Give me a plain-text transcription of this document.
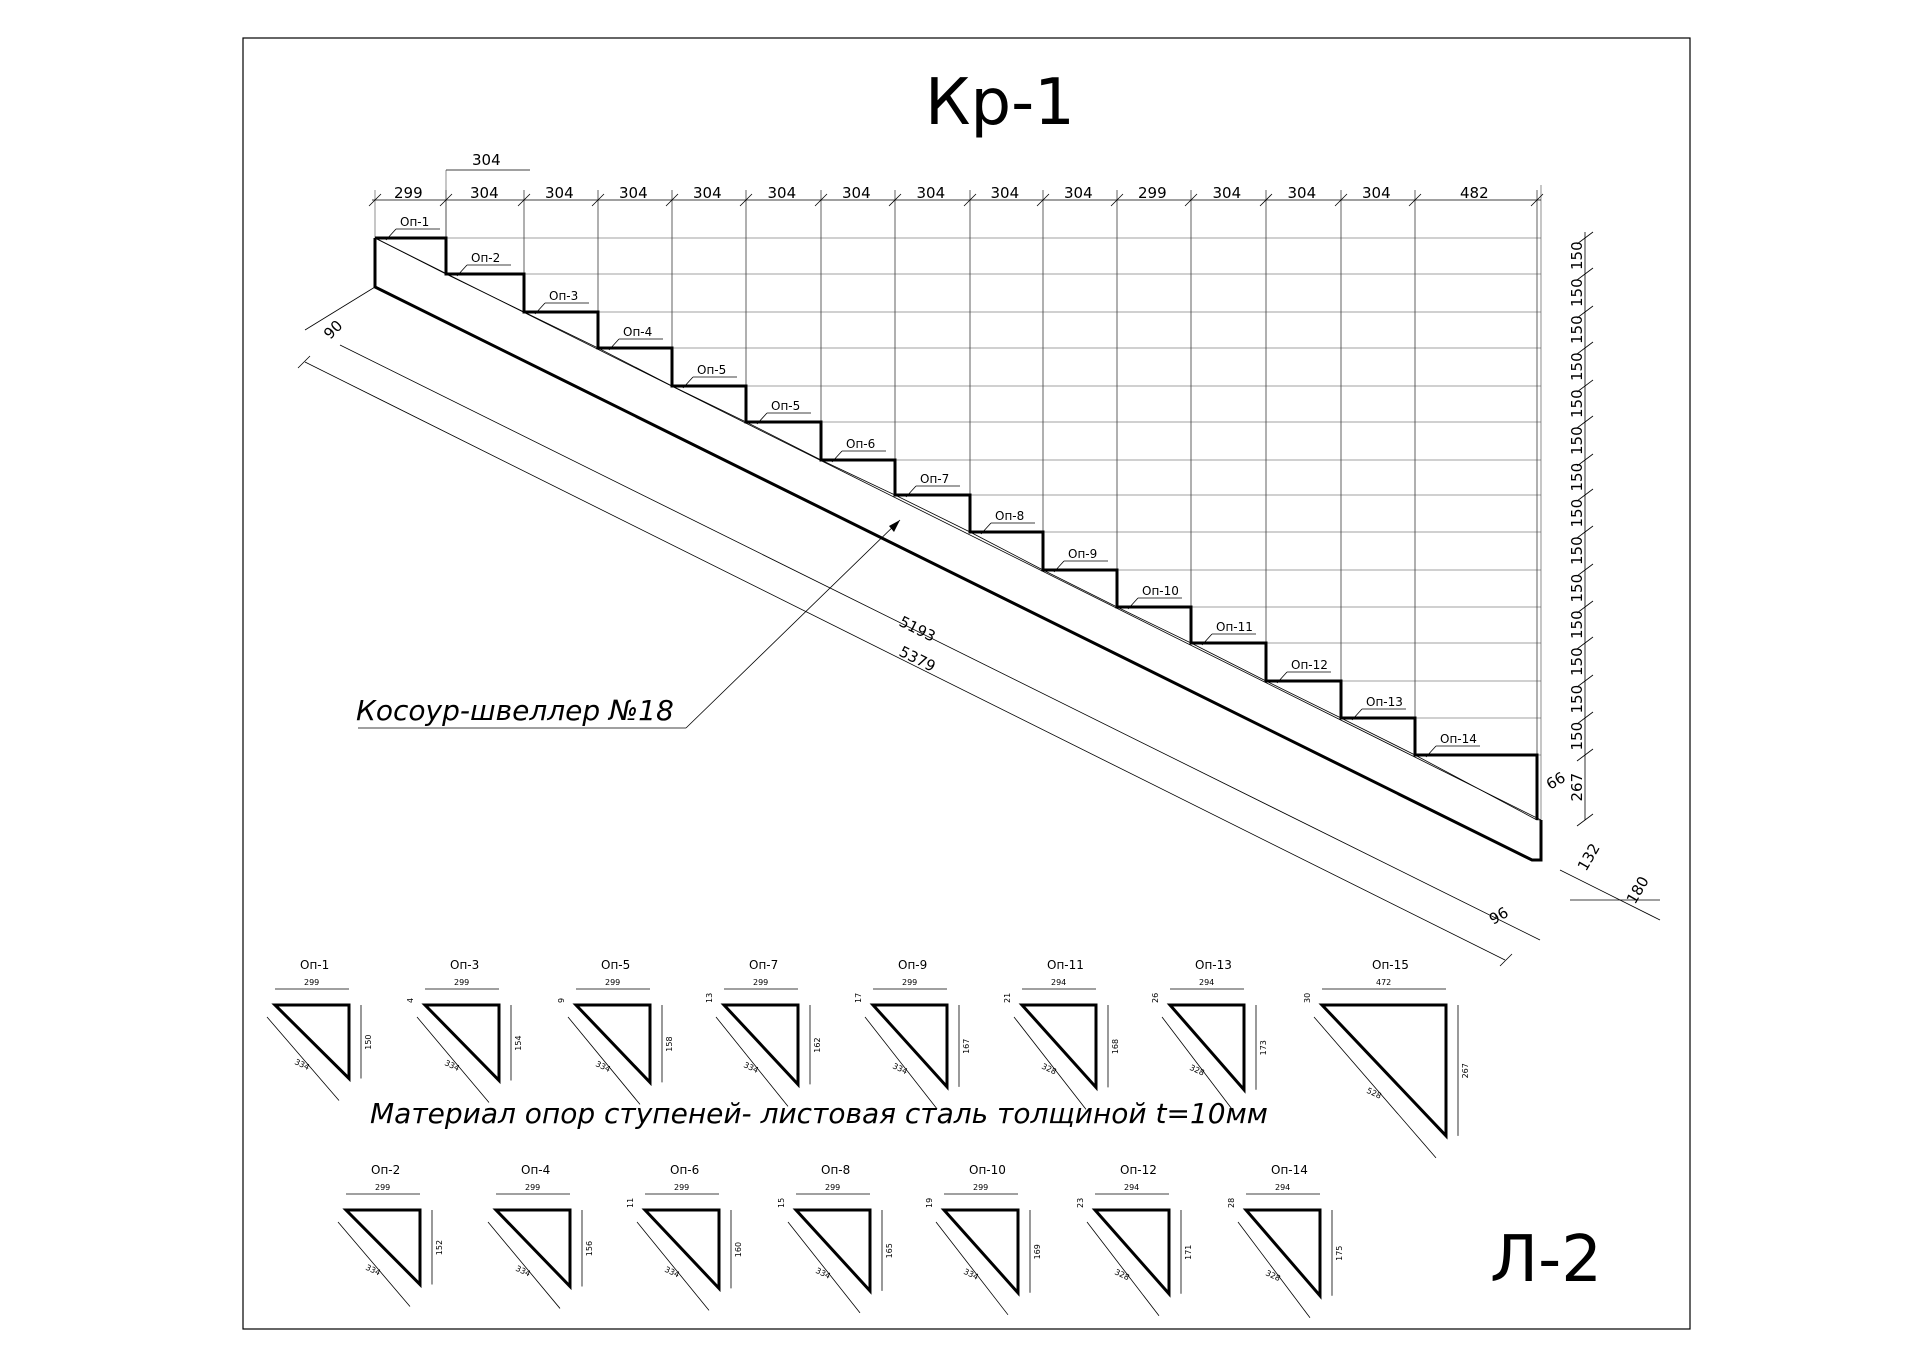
Кр-1
Л-2
299	304	304	304	304	304	304	304	304	304	299	304	304	304	482
304
150
150
150
150
150
150
150
150
150
150
150
150
150
150
267
5193
5379
90
66
132
96
180
Оп-1
Оп-2
Оп-3
Оп-4
Оп-5
Оп-5
Оп-6
Оп-7
Оп-8
Оп-9
Оп-10
Оп-11
Оп-12
Оп-13
Оп-14
Косоур-швеллер №18
Оп-1
299
334
150
Оп-3
299
334
154
4
Оп-5
299
334
158
9
Оп-7
299
334
162
13
Оп-9
299
334
167
17
Оп-11
294
328
168
21
Оп-13
294
328
173
26
Оп-15
472
528
267
30
Оп-2
299
334
152
Оп-4
299
334
156
Оп-6
299
334
160
11
Оп-8
299
334
165
15
Оп-10
299
334
169
19
Оп-12
294
328
171
23
Оп-14
294
328
175
28
Материал опор ступеней- листовая сталь толщиной t=10мм
